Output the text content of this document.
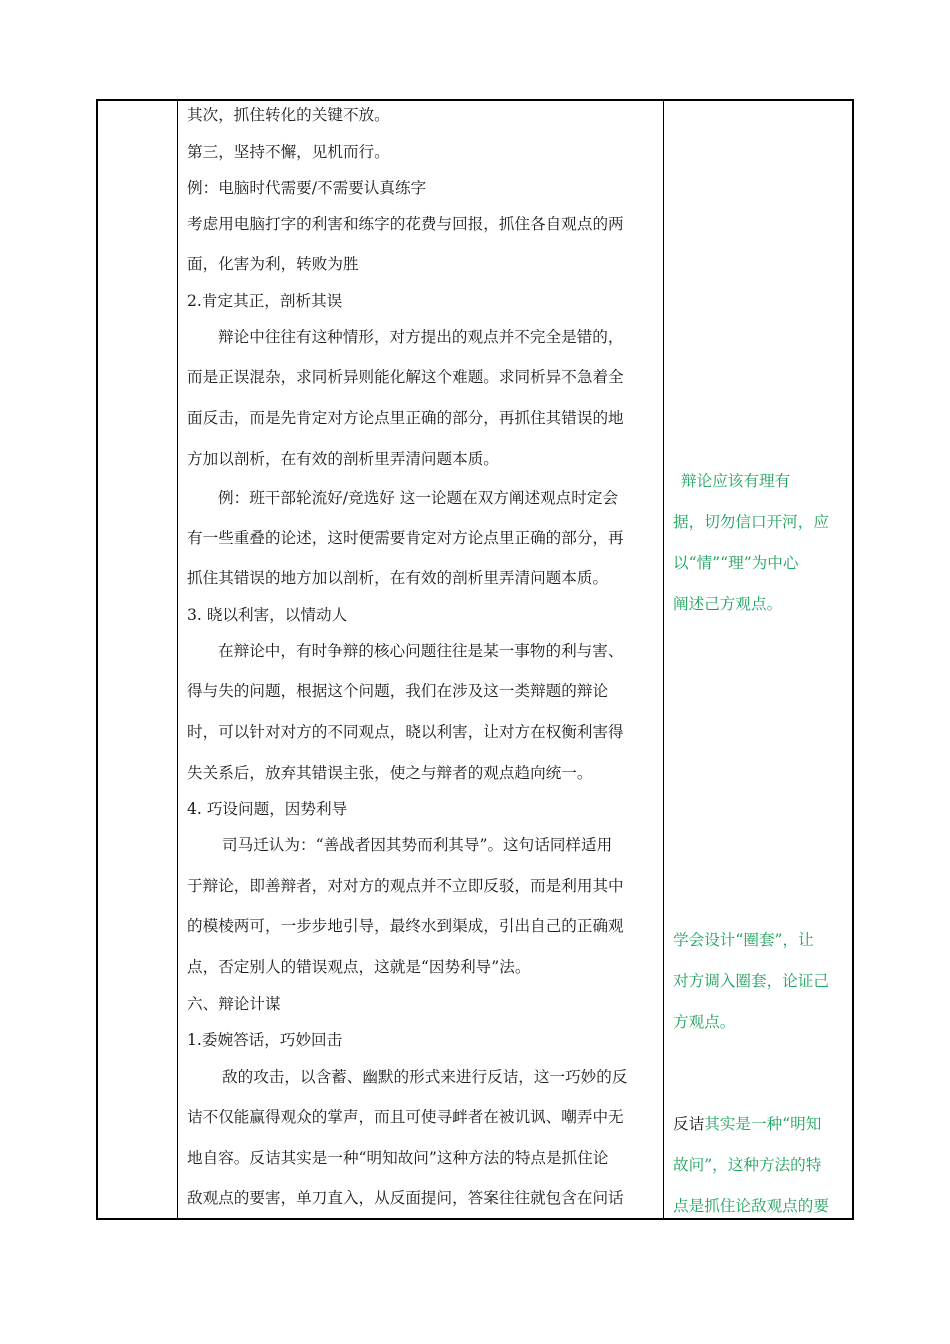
其次，抓住转化的关键不放。
第三，坚持不懈，见机而行。
例：电脑时代需要/不需要认真练字
考虑用电脑打字的利害和练字的花费与回报，抓住各自观点的两
面，化害为利，转败为胜
2.肯定其正，剖析其误
辩论中往往有这种情形，对方提出的观点并不完全是错的，
而是正误混杂，求同析异则能化解这个难题。求同析异不急着全
面反击，而是先肯定对方论点里正确的部分，再抓住其错误的地
方加以剖析，在有效的剖析里弄清问题本质。
例：班干部轮流好/竞选好 这一论题在双方阐述观点时定会
有一些重叠的论述，这时便需要肯定对方论点里正确的部分，再
抓住其错误的地方加以剖析，在有效的剖析里弄清问题本质。
3. 晓以利害，以情动人
在辩论中，有时争辩的核心问题往往是某一事物的利与害、
得与失的问题，根据这个问题，我们在涉及这一类辩题的辩论
时，可以针对对方的不同观点，晓以利害，让对方在权衡利害得
失关系后，放弃其错误主张，使之与辩者的观点趋向统一。
4. 巧设问题，因势利导
司马迁认为：“善战者因其势而利其导”。这句话同样适用
于辩论，即善辩者，对对方的观点并不立即反驳，而是利用其中
的模棱两可，一步步地引导，最终水到渠成，引出自己的正确观
点，否定别人的错误观点，这就是“因势利导”法。
六、辩论计谋
1.委婉答话，巧妙回击
敌的攻击，以含蓄、幽默的形式来进行反诘，这一巧妙的反
诘不仅能赢得观众的掌声，而且可使寻衅者在被讥讽、嘲弄中无
地自容。反诘其实是一种“明知故问”这种方法的特点是抓住论
敌观点的要害，单刀直入，从反面提问，答案往往就包含在问话
辩论应该有理有
据，切勿信口开河，应
以“情”“理”为中心
阐述己方观点。
学会设计“圈套”，让
对方调入圈套，论证己
方观点。
反诘其实是一种“明知
故问”，这种方法的特
点是抓住论敌观点的要
